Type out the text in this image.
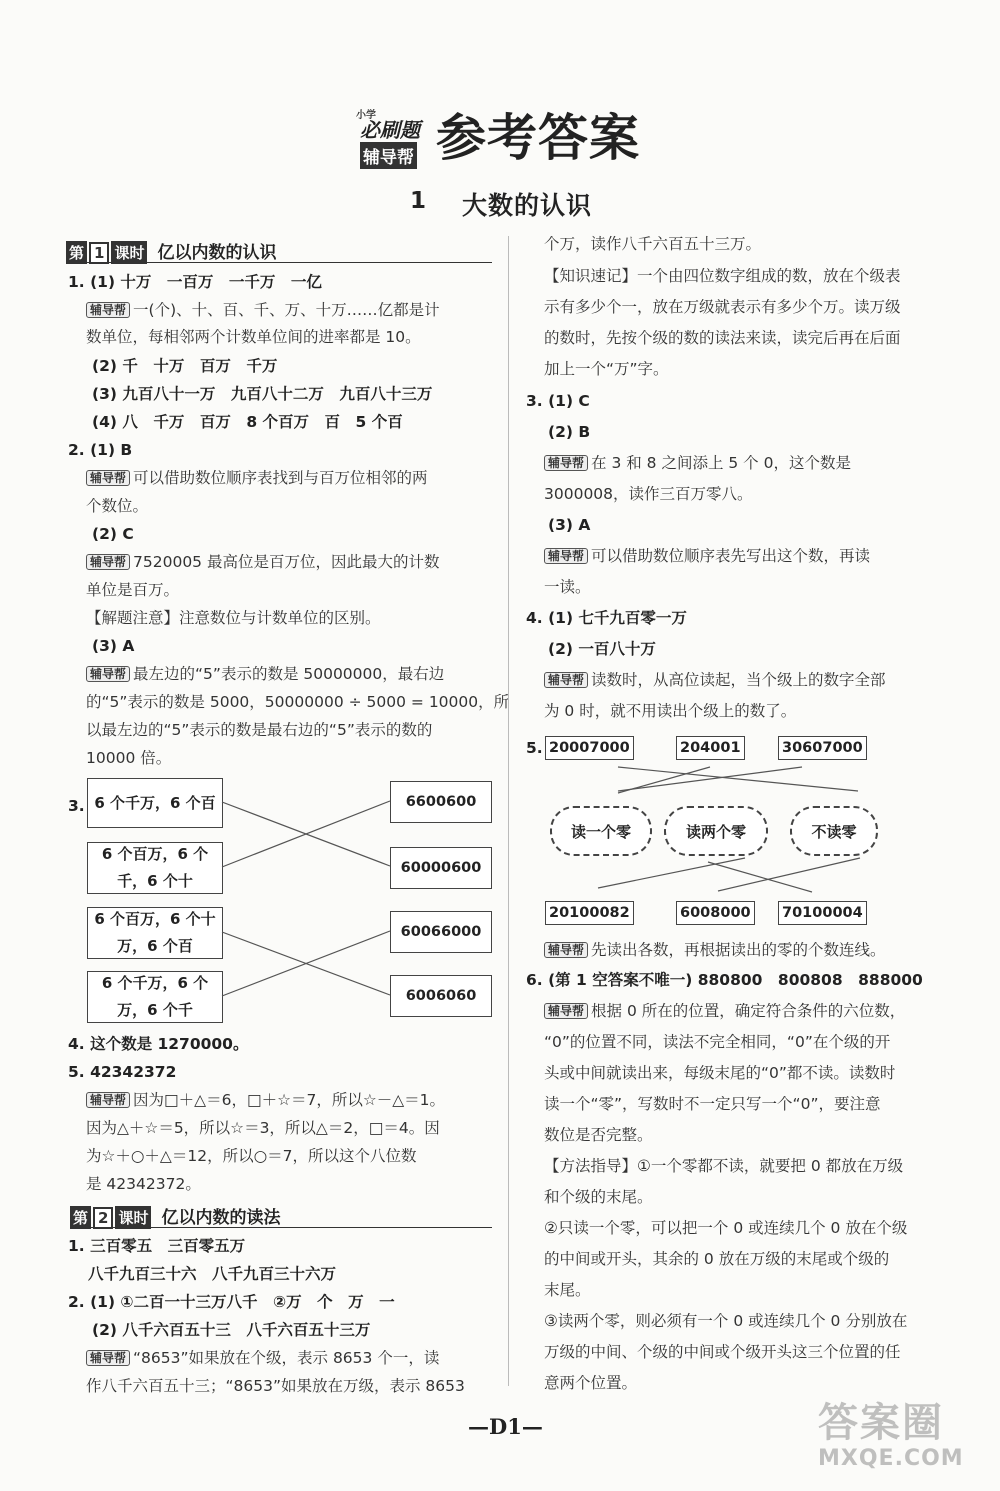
小学
必刷题
辅导帮 参考答案
1 大数的认识
第 1 课时 亿以内数的认识
1. (1) 十万　一百万　一千万　一亿
辅导帮 一(个)、十、百、千、万、十万……亿都是计
数单位，每相邻两个计数单位间的进率都是 10。
(2) 千　十万　百万　千万
(3) 九百八十一万　九百八十二万　九百八十三万
(4) 八　千万　百万　8 个百万　百　5 个百
2. (1) B
辅导帮 可以借助数位顺序表找到与百万位相邻的两
个数位。
(2) C
辅导帮 7520005 最高位是百万位，因此最大的计数
单位是百万。
【解题注意】注意数位与计数单位的区别。
(3) A
辅导帮 最左边的“5”表示的数是 50000000，最右边
的“5”表示的数是 5000，50000000 ÷ 5000 = 10000，所
以最左边的“5”表示的数是最右边的“5”表示的数的
10000 倍。
3. 6 个千万，6 个百
6 个百万，6 个千，6 个十
6 个百万，6 个十万，6 个百
6 个千万，6 个万，6 个千
6600600
60000600
60066000
6006060
4. 这个数是 1270000。
5. 42342372
辅导帮 因为□＋△＝6，□＋☆＝7，所以☆－△＝1。
因为△＋☆＝5，所以☆＝3，所以△＝2，□＝4。因
为☆＋○＋△＝12，所以○＝7，所以这个八位数
是 42342372。
第 2 课时 亿以内数的读法
1. 三百零五　三百零五万
八千九百三十六　八千九百三十六万
2. (1) ①二百一十三万八千　②万　个　万　一
(2) 八千六百五十三　八千六百五十三万
辅导帮 “8653”如果放在个级，表示 8653 个一，读
作八千六百五十三；“8653”如果放在万级，表示 8653
个万，读作八千六百五十三万。
【知识速记】一个由四位数字组成的数，放在个级表
示有多少个一，放在万级就表示有多少个万。读万级
的数时，先按个级的数的读法来读，读完后再在后面
加上一个“万”字。
3. (1) C
(2) B
辅导帮 在 3 和 8 之间添上 5 个 0，这个数是
3000008，读作三百万零八。
(3) A
辅导帮 可以借助数位顺序表先写出这个数，再读
一读。
4. (1) 七千九百零一万
(2) 一百八十万
辅导帮 读数时，从高位读起，当个级上的数字全部
为 0 时，就不用读出个级上的数了。
5. 20007000	204001	30607000
读一个零	读两个零	不读零
20100082	6008000 70100004
辅导帮 先读出各数，再根据读出的零的个数连线。
6. (第 1 空答案不唯一) 880800　800808　888000
辅导帮 根据 0 所在的位置，确定符合条件的六位数，
“0”的位置不同，读法不完全相同，“0”在个级的开
头或中间就读出来，每级末尾的“0”都不读。读数时
读一个“零”，写数时不一定只写一个“0”，要注意
数位是否完整。
【方法指导】①一个零都不读，就要把 0 都放在万级
和个级的末尾。
②只读一个零，可以把一个 0 或连续几个 0 放在个级
的中间或开头，其余的 0 放在万级的末尾或个级的
末尾。
③读两个零，则必须有一个 0 或连续几个 0 分别放在
万级的中间、个级的中间或个级开头这三个位置的任
意两个位置。
—D1—	答案圈
MXQE.COM
